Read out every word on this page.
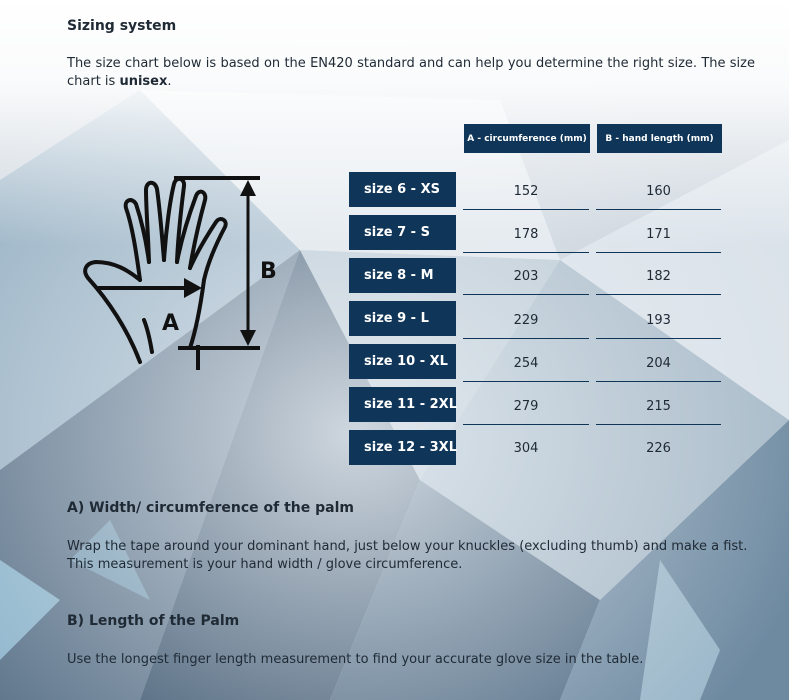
Sizing system
The size chart below is based on the EN420 standard and can help you determine the right size. The size chart is unisex.
A
B
A - circumference (mm)	B - hand length (mm)
size 6 - XS	152	160
size 7 - S	178	171
size 8 - M	203	182
size 9 - L	229	193
size 10 - XL	254	204
size 11 - 2XL	279	215
size 12 - 3XL	304	226
A) Width/ circumference of the palm
Wrap the tape around your dominant hand, just below your knuckles (excluding thumb) and make a fist. This measurement is your hand width / glove circumference.
B) Length of the Palm
Use the longest finger length measurement to find your accurate glove size in the table.
